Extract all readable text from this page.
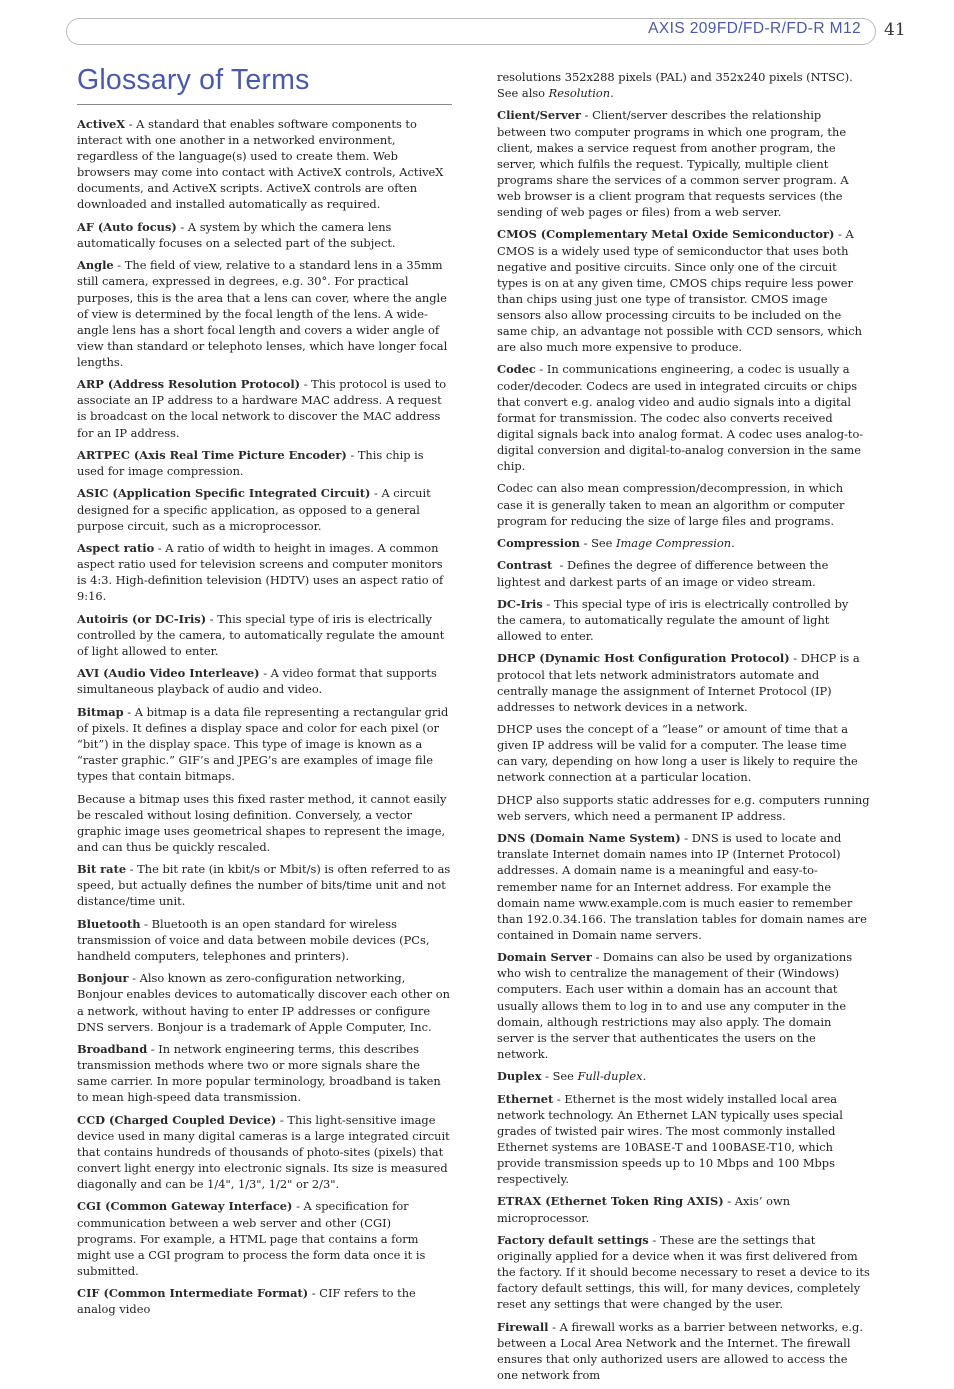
AXIS 209FD/FD-R/FD-R M12 41
Glossary of Terms

ActiveX - A standard that enables software components to interact with one another in a networked environment, regardless of the language(s) used to create them. Web browsers may come into contact with ActiveX controls, ActiveX documents, and ActiveX scripts. ActiveX controls are often downloaded and installed automatically as required.

AF (Auto focus) - A system by which the camera lens automatically focuses on a selected part of the subject.

Angle - The field of view, relative to a standard lens in a 35mm still camera, expressed in degrees, e.g. 30°. For practical purposes, this is the area that a lens can cover, where the angle of view is determined by the focal length of the lens. A wide-angle lens has a short focal length and covers a wider angle of view than standard or telephoto lenses, which have longer focal lengths.

ARP (Address Resolution Protocol) - This protocol is used to associate an IP address to a hardware MAC address. A request is broadcast on the local network to discover the MAC address for an IP address.

ARTPEC (Axis Real Time Picture Encoder) - This chip is used for image compression.

ASIC (Application Specific Integrated Circuit) - A circuit designed for a specific application, as opposed to a general purpose circuit, such as a microprocessor.

Aspect ratio - A ratio of width to height in images. A common aspect ratio used for television screens and computer monitors is 4:3. High-definition television (HDTV) uses an aspect ratio of 9:16.

Autoiris (or DC-Iris) - This special type of iris is electrically controlled by the camera, to automatically regulate the amount of light allowed to enter.

AVI (Audio Video Interleave) - A video format that supports simultaneous playback of audio and video.

Bitmap - A bitmap is a data file representing a rectangular grid of pixels. It defines a display space and color for each pixel (or “bit”) in the display space. This type of image is known as a “raster graphic.” GIF’s and JPEG’s are examples of image file types that contain bitmaps.

Because a bitmap uses this fixed raster method, it cannot easily be rescaled without losing definition. Conversely, a vector graphic image uses geometrical shapes to represent the image, and can thus be quickly rescaled.

Bit rate - The bit rate (in kbit/s or Mbit/s) is often referred to as speed, but actually defines the number of bits/time unit and not distance/time unit.

Bluetooth - Bluetooth is an open standard for wireless transmission of voice and data between mobile devices (PCs, handheld computers, telephones and printers).

Bonjour - Also known as zero-configuration networking, Bonjour enables devices to automatically discover each other on a network, without having to enter IP addresses or configure DNS servers. Bonjour is a trademark of Apple Computer, Inc.

Broadband - In network engineering terms, this describes transmission methods where two or more signals share the same carrier. In more popular terminology, broadband is taken to mean high-speed data transmission.

CCD (Charged Coupled Device) - This light-sensitive image device used in many digital cameras is a large integrated circuit that contains hundreds of thousands of photo-sites (pixels) that convert light energy into electronic signals. Its size is measured diagonally and can be 1/4", 1/3", 1/2" or 2/3".

CGI (Common Gateway Interface) - A specification for communication between a web server and other (CGI) programs. For example, a HTML page that contains a form might use a CGI program to process the form data once it is submitted.

CIF (Common Intermediate Format) - CIF refers to the analog video

resolutions 352x288 pixels (PAL) and 352x240 pixels (NTSC). See also Resolution.

Client/Server - Client/server describes the relationship between two computer programs in which one program, the client, makes a service request from another program, the server, which fulfils the request. Typically, multiple client programs share the services of a common server program. A web browser is a client program that requests services (the sending of web pages or files) from a web server.

CMOS (Complementary Metal Oxide Semiconductor) - A CMOS is a widely used type of semiconductor that uses both negative and positive circuits. Since only one of the circuit types is on at any given time, CMOS chips require less power than chips using just one type of transistor. CMOS image sensors also allow processing circuits to be included on the same chip, an advantage not possible with CCD sensors, which are also much more expensive to produce.

Codec - In communications engineering, a codec is usually a coder/decoder. Codecs are used in integrated circuits or chips that convert e.g. analog video and audio signals into a digital format for transmission. The codec also converts received digital signals back into analog format. A codec uses analog-to-digital conversion and digital-to-analog conversion in the same chip.

Codec can also mean compression/decompression, in which case it is generally taken to mean an algorithm or computer program for reducing the size of large files and programs.

Compression - See Image Compression.

Contrast  - Defines the degree of difference between the lightest and darkest parts of an image or video stream.

DC-Iris - This special type of iris is electrically controlled by the camera, to automatically regulate the amount of light allowed to enter.

DHCP (Dynamic Host Configuration Protocol) - DHCP is a protocol that lets network administrators automate and centrally manage the assignment of Internet Protocol (IP) addresses to network devices in a network.

DHCP uses the concept of a “lease” or amount of time that a given IP address will be valid for a computer. The lease time can vary, depending on how long a user is likely to require the network connection at a particular location.

DHCP also supports static addresses for e.g. computers running web servers, which need a permanent IP address.

DNS (Domain Name System) - DNS is used to locate and translate Internet domain names into IP (Internet Protocol) addresses. A domain name is a meaningful and easy-to-remember name for an Internet address. For example the domain name www.example.com is much easier to remember than 192.0.34.166. The translation tables for domain names are contained in Domain name servers.

Domain Server - Domains can also be used by organizations who wish to centralize the management of their (Windows) computers. Each user within a domain has an account that usually allows them to log in to and use any computer in the domain, although restrictions may also apply. The domain server is the server that authenticates the users on the network.

Duplex - See Full-duplex.

Ethernet - Ethernet is the most widely installed local area network technology. An Ethernet LAN typically uses special grades of twisted pair wires. The most commonly installed Ethernet systems are 10BASE-T and 100BASE-T10, which provide transmission speeds up to 10 Mbps and 100 Mbps respectively.

ETRAX (Ethernet Token Ring AXIS) - Axis’ own microprocessor.

Factory default settings - These are the settings that originally applied for a device when it was first delivered from the factory. If it should become necessary to reset a device to its factory default settings, this will, for many devices, completely reset any settings that were changed by the user.

Firewall - A firewall works as a barrier between networks, e.g. between a Local Area Network and the Internet. The firewall ensures that only authorized users are allowed to access the one network from
